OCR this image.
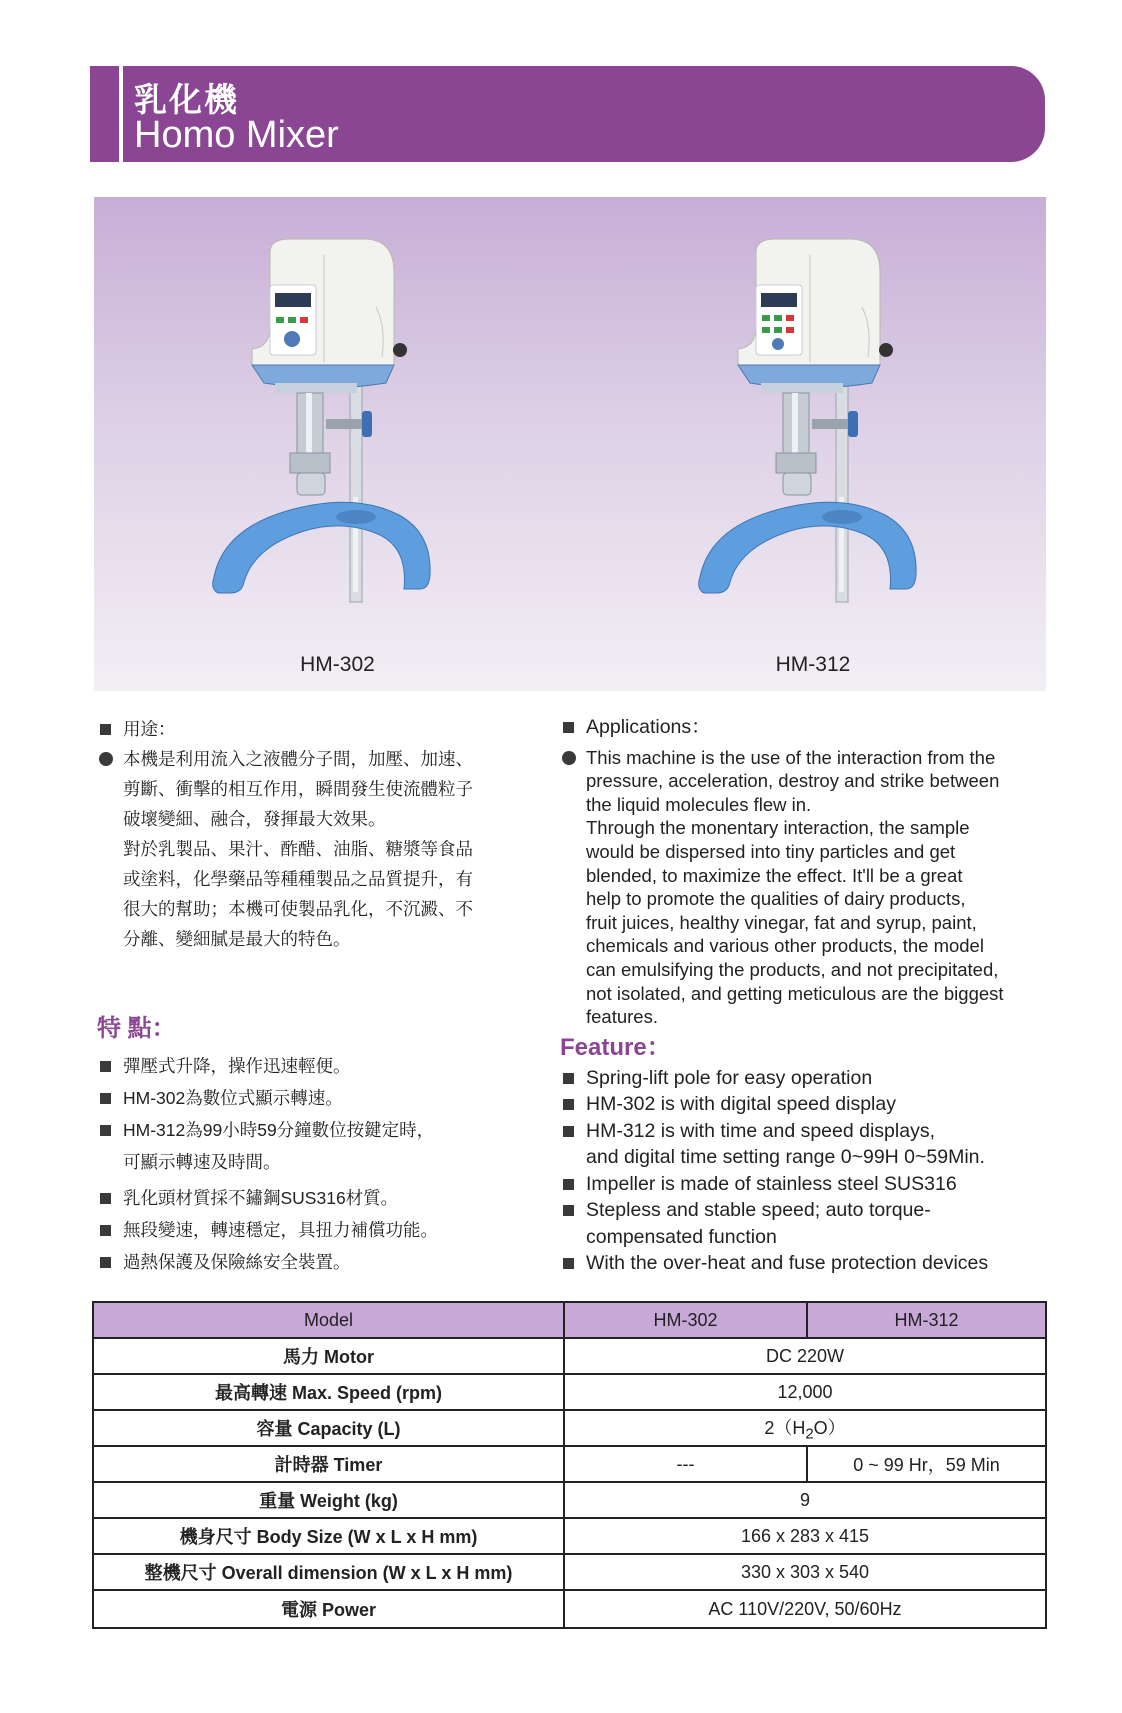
乳化機
Homo Mixer
HM-302	HM-312
用途：
本機是利用流入之液體分子間，加壓、加速、
剪斷、衝擊的相互作用，瞬間發生使流體粒子
破壞變細、融合，發揮最大效果。
對於乳製品、果汁、酢醋、油脂、糖漿等食品
或塗料，化學藥品等種種製品之品質提升，有
很大的幫助；本機可使製品乳化，不沉澱、不
分離、變細膩是最大的特色。
特 點：
彈壓式升降，操作迅速輕便。
HM-302為數位式顯示轉速。
HM-312為99小時59分鐘數位按鍵定時，
可顯示轉速及時間。
乳化頭材質採不鏽鋼SUS316材質。
無段變速，轉速穩定，具扭力補償功能。
過熱保護及保險絲安全裝置。
Applications：
This machine is the use of the interaction from the
pressure, acceleration, destroy and strike between
the liquid molecules flew in.
Through the monentary interaction, the sample
would be dispersed into tiny particles and get
blended, to maximize the effect. It'll be a great
help to promote the qualities of dairy products,
fruit juices, healthy vinegar, fat and syrup, paint,
chemicals and various other products, the model
can emulsifying the products, and not precipitated,
not isolated, and getting meticulous are the biggest
features.
Feature：
Spring-lift pole for easy operation
HM-302 is with digital speed display
HM-312 is with time and speed displays,
and digital time setting range 0~99H 0~59Min.
Impeller is made of stainless steel SUS316
Stepless and stable speed; auto torque-
compensated function
With the over-heat and fuse protection devices
Model	HM-302	HM-312
馬力 Motor	DC 220W	
最高轉速 Max. Speed (rpm)	12,000	
容量 Capacity (L)	$2(H_2O)$	
計時器 Timer	---	0 ~ 99 Hr，59 Min
重量 Weight (kg)	9	
機身尺寸 Body Size (W x L x H mm)	166 x 283 x 415	
整機尺寸 Overall dimension (W x L x H mm)	330 x 303 x 540	
電源 Power	AC 110V/220V, 50/60Hz	
